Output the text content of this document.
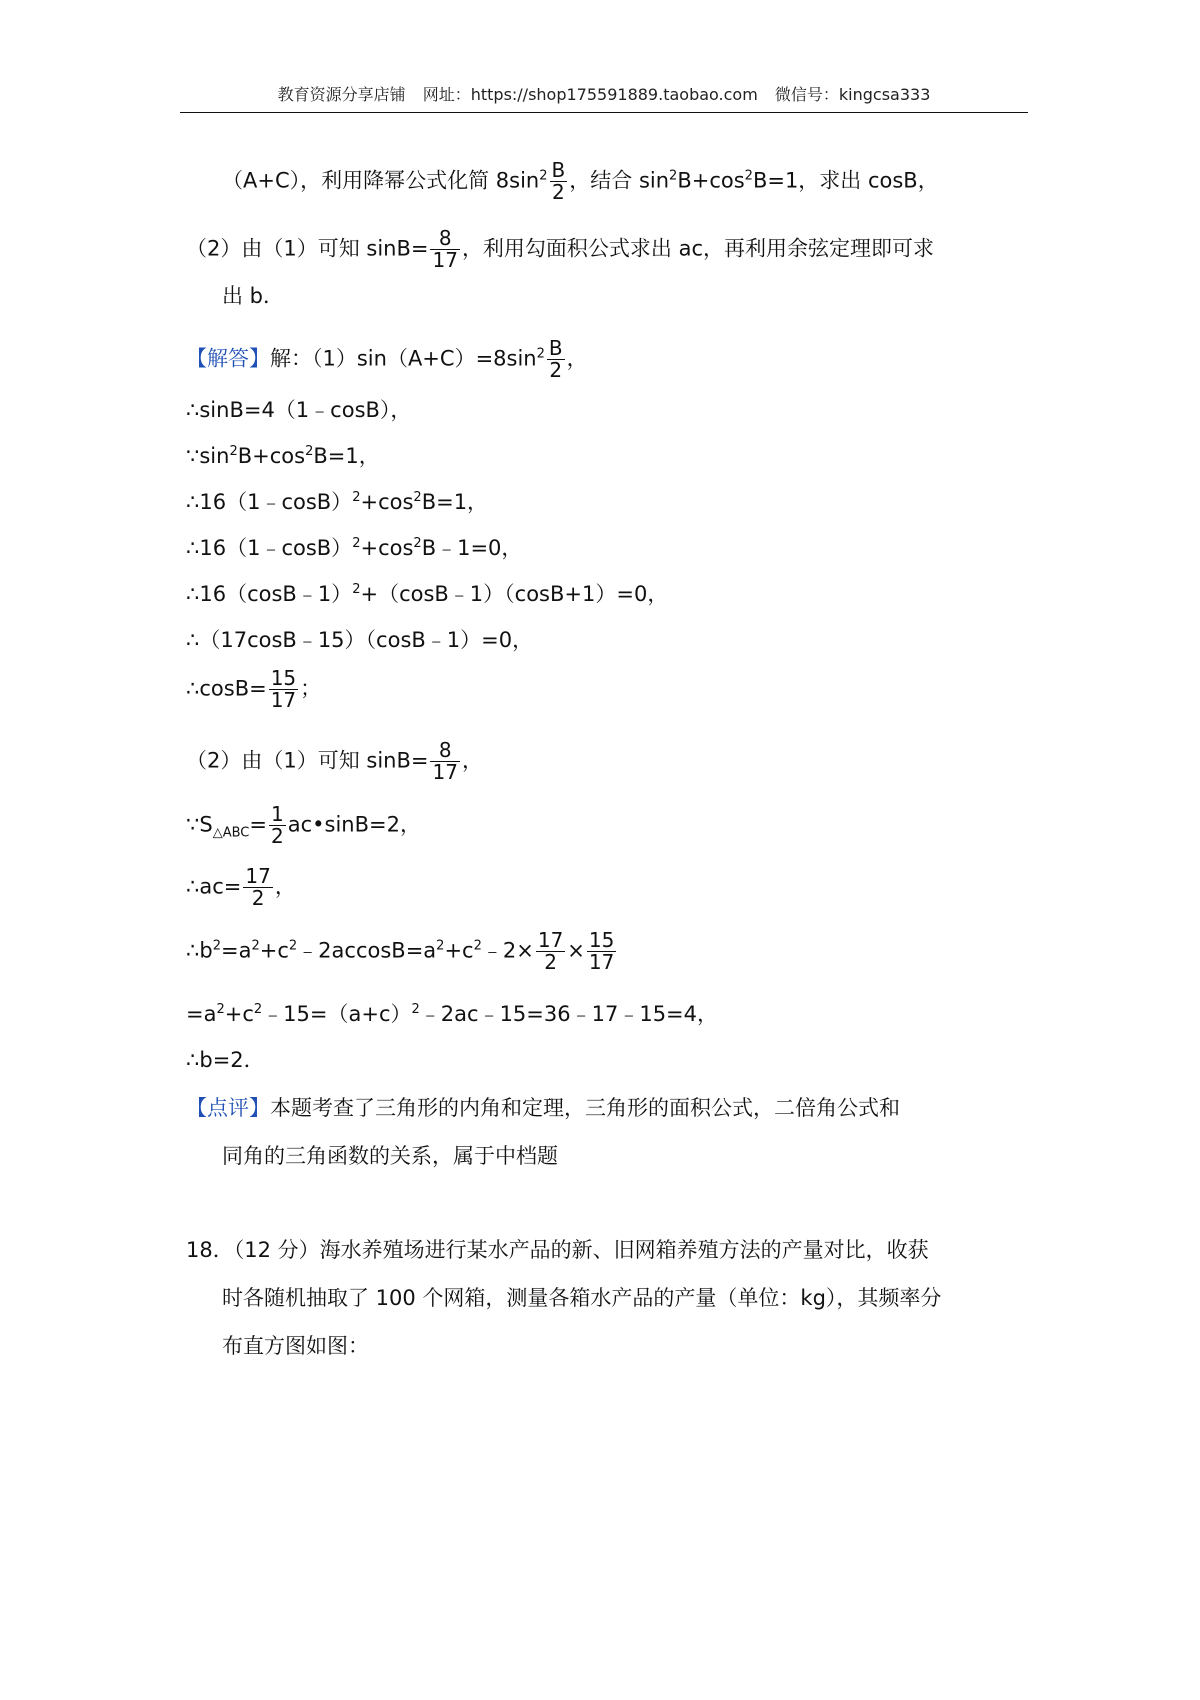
教育资源分享店铺 网址：https://shop175591889.taobao.com 微信号：kingcsa333
（A+C），利用降幂公式化简 $8\sin^2 \frac{B}{2}$ ，结合 $\sin^2B+\cos^2B=1$，求出 cosB，
（2）由（1）可知 $\sin B= \frac{8}{17}$ ，利用勾面积公式求出 ac，再利用余弦定理即可求
出 b．
【解答】解：$(1)\sin(A+C)=8\sin^2 \frac{B}{2}$ ，
∴sinB=4（1﹣cosB），
$\because\sin^2B+\cos^2B=1$，
$\therefore 16(1﹣\cos B)^2+\cos^2B=1$，
$\therefore 16(1﹣\cos B)^2+\cos^2B﹣1=0$，
∴16（cosB﹣1）$^2$+（cosB﹣1）（cosB+1）=0，
∴（17cosB﹣15）（cosB﹣1）=0，
∴cosB= $\frac{15}{17}$ ；
（2）由（1）可知 $\sin B= \frac{8}{17}$ ，
$\because S_{\triangle ABC}= \frac{1}{2}$ ac•sinB=2，
∴ac= $\frac{17}{2}$ ，
$\therefore b^2=a^2+c^2﹣2accosB=a^2+c^2﹣2\times \frac{17}{2} \times \frac{15}{17}$
$=a^2+c^2﹣15=(a+c)^2﹣2ac﹣15=36﹣17﹣15=4$，
∴b=2．
【点评】本题考查了三角形的内角和定理，三角形的面积公式，二倍角公式和
同角的三角函数的关系，属于中档题
18．（12 分）海水养殖场进行某水产品的新、旧网箱养殖方法的产量对比，收获
时各随机抽取了 100 个网箱，测量各箱水产品的产量（单位：kg），其频率分
布直方图如图：
